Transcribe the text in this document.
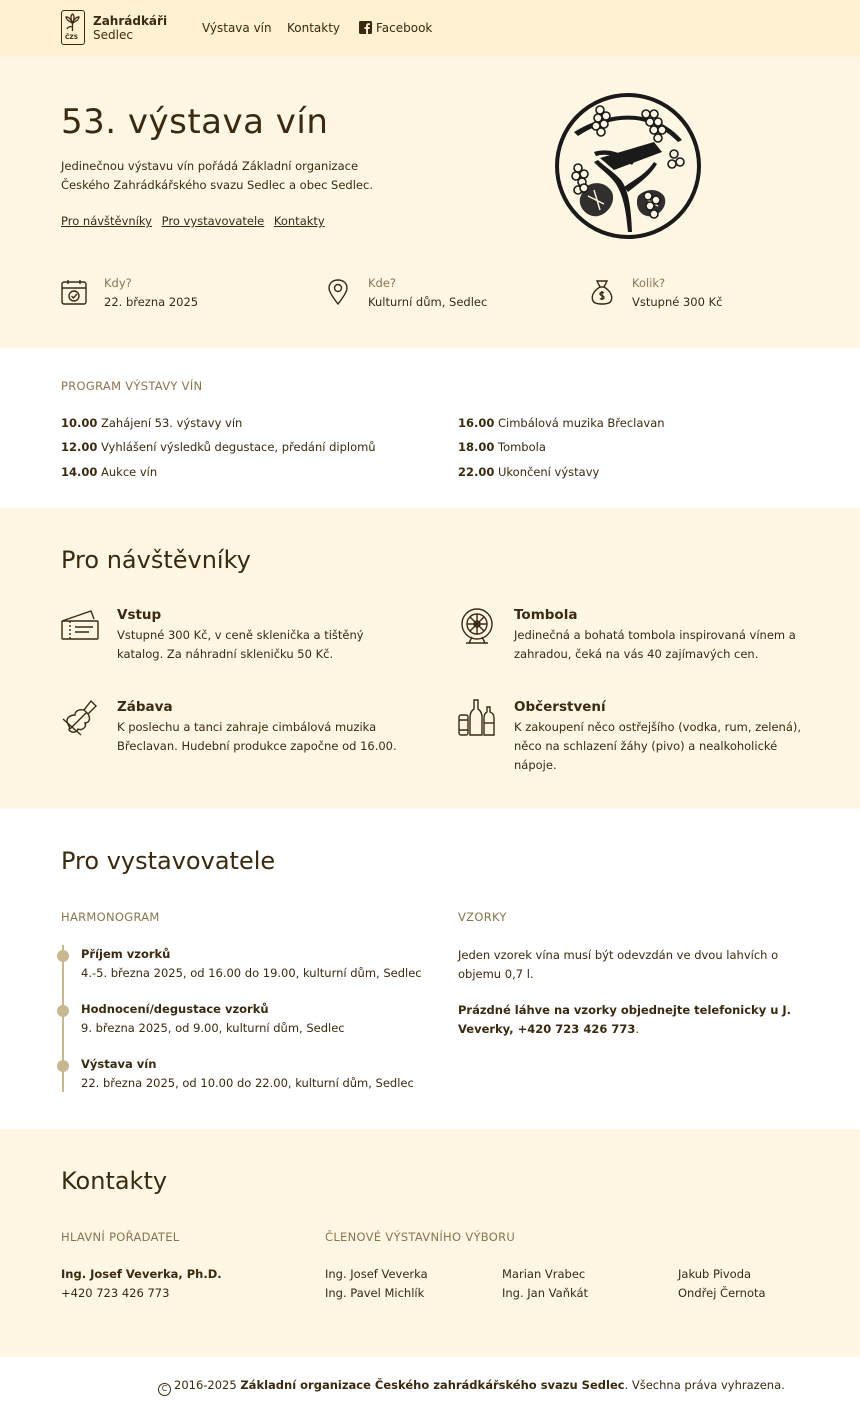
ČZS
Zahrádkáři
Sedlec	Výstava vín Kontakty	Facebook
53. výstava vín

Jedinečnou výstavu vín pořádá Základní organizace Českého Zahrádkářského svazu Sedlec a obec Sedlec.

Pro návštěvníky Pro vystavovatele Kontakty
Kdy?
22. března 2025
Kde?
Kulturní dům, Sedlec
Kolik?
Vstupné 300 Kč
PROGRAM VÝSTAVY VÍN
10.00 Zahájení 53. výstavy vín
12.00 Vyhlášení výsledků degustace, předání diplomů
14.00 Aukce vín
16.00 Cimbálová muzika Břeclavan
18.00 Tombola
22.00 Ukončení výstavy
Pro návštěvníky
Vstup
Vstupné 300 Kč, v ceně sklenička a tištěný katalog. Za náhradní skleničku 50 Kč.
Tombola
Jedinečná a bohatá tombola inspirovaná vínem a zahradou, čeká na vás 40 zajímavých cen.
Zábava
K poslechu a tanci zahraje cimbálová muzika Břeclavan. Hudební produkce započne od 16.00.
Občerstvení
K zakoupení něco ostřejšího (vodka, rum, zelená), něco na schlazení žáhy (pivo) a nealkoholické nápoje.
Pro vystavovatele
HARMONOGRAM
Příjem vzorků
4.-5. března 2025, od 16.00 do 19.00, kulturní dům, Sedlec
Hodnocení/degustace vzorků
9. března 2025, od 9.00, kulturní dům, Sedlec
Výstava vín
22. března 2025, od 10.00 do 22.00, kulturní dům, Sedlec
VZORKY

Jeden vzorek vína musí být odevzdán ve dvou lahvích o objemu 0,7 l.

Prázdné láhve na vzorky objednejte telefonicky u J. Veverky, +420 723 426 773.

Kontakty
HLAVNÍ POŘADATEL
Ing. Josef Veverka, Ph.D.
+420 723 426 773
ČLENOVÉ VÝSTAVNÍHO VÝBORU
Ing. Josef Veverka
Ing. Pavel Michlík
Marian Vrabec
Ing. Jan Vaňkát
Jakub Pivoda
Ondřej Černota
C 2016-2025 Základní organizace Českého zahrádkářského svazu Sedlec. Všechna práva vyhrazena.
